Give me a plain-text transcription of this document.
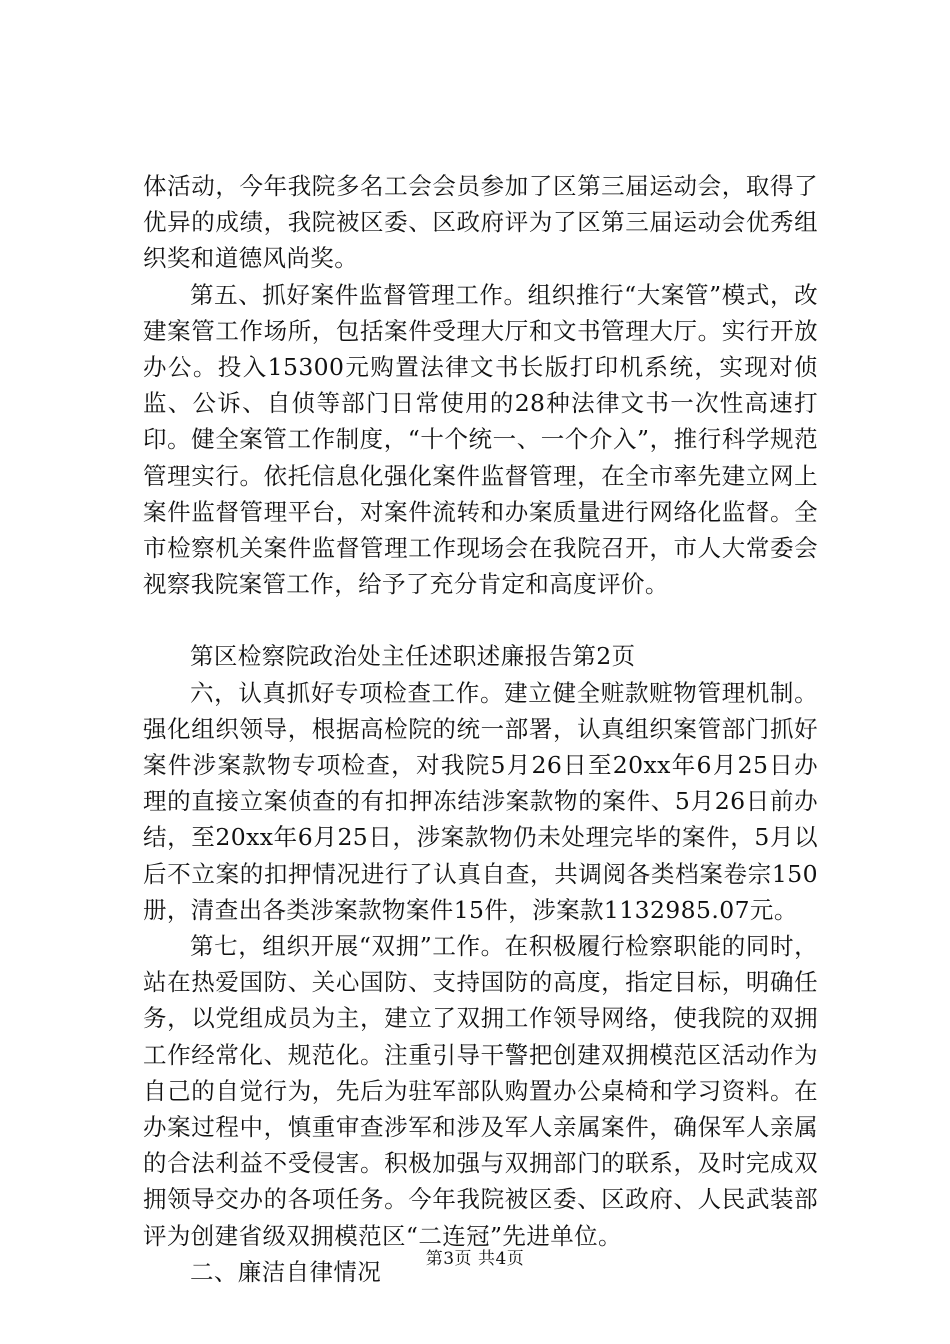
体活动，今年我院多名工会会员参加了区第三届运动会，取得了优异的成绩，我院被区委、区政府评为了区第三届运动会优秀组织奖和道德风尚奖。

第五、抓好案件监督管理工作。组织推行“大案管”模式，改建案管工作场所，包括案件受理大厅和文书管理大厅。实行开放办公。投入15300元购置法律文书长版打印机系统，实现对侦监、公诉、自侦等部门日常使用的28种法律文书一次性高速打印。健全案管工作制度，“十个统一、一个介入”，推行科学规范管理实行。依托信息化强化案件监督管理，在全市率先建立网上案件监督管理平台，对案件流转和办案质量进行网络化监督。全市检察机关案件监督管理工作现场会在我院召开，市人大常委会视察我院案管工作，给予了充分肯定和高度评价。

第区检察院政治处主任述职述廉报告第2页

六，认真抓好专项检查工作。建立健全赃款赃物管理机制。强化组织领导，根据高检院的统一部署，认真组织案管部门抓好案件涉案款物专项检查，对我院5月26日至20xx年6月25日办理的直接立案侦查的有扣押冻结涉案款物的案件、5月26日前办结，至20xx年6月25日，涉案款物仍未处理完毕的案件，5月以后不立案的扣押情况进行了认真自查，共调阅各类档案卷宗150册，清查出各类涉案款物案件15件，涉案款1132985.07元。

第七，组织开展“双拥”工作。在积极履行检察职能的同时，站在热爱国防、关心国防、支持国防的高度，指定目标，明确任务，以党组成员为主，建立了双拥工作领导网络，使我院的双拥工作经常化、规范化。注重引导干警把创建双拥模范区活动作为自己的自觉行为，先后为驻军部队购置办公桌椅和学习资料。在办案过程中，慎重审查涉军和涉及军人亲属案件，确保军人亲属的合法利益不受侵害。积极加强与双拥部门的联系，及时完成双拥领导交办的各项任务。今年我院被区委、区政府、人民武装部评为创建省级双拥模范区“二连冠”先进单位。

二、廉洁自律情况	第3页 共4页
